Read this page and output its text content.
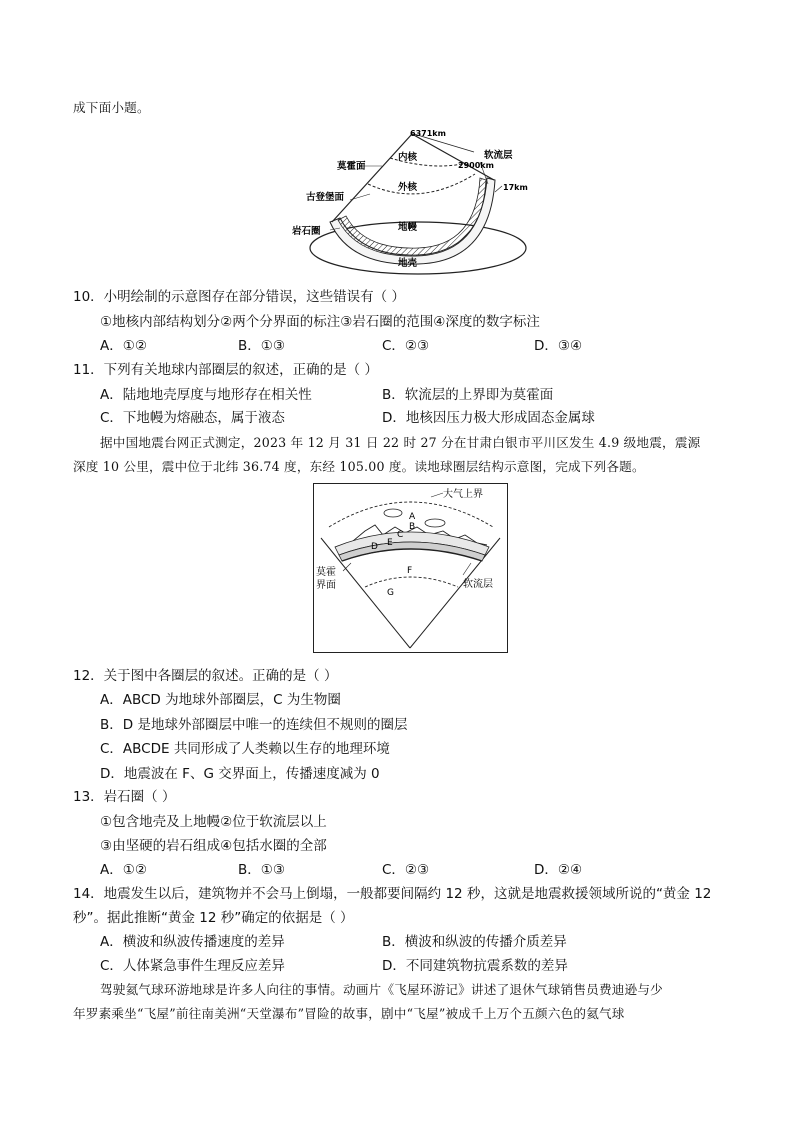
成下面小题。
6371km
2900km
17km
莫霍面
古登堡面
岩石圈
内核
外核
地幔
地壳
软流层
10．小明绘制的示意图存在部分错误，这些错误有（ ）
①地核内部结构划分②两个分界面的标注③岩石圈的范围④深度的数字标注
A．①②	B．①③	C．②③	D．③④
11．下列有关地球内部圈层的叙述，正确的是（ ）
A．陆地地壳厚度与地形存在相关性	B．软流层的上界即为莫霍面
C．下地幔为熔融态，属于液态	D．地核因压力极大形成固态金属球
据中国地震台网正式测定，2023 年 12 月 31 日 22 时 27 分在甘肃白银市平川区发生 4.9 级地震，震源
深度 10 公里，震中位于北纬 36.74 度，东经 105.00 度。读地球圈层结构示意图，完成下列各题。
大气上界
A
B
C
D E
F
G
莫霍
界面	软流层
12．关于图中各圈层的叙述。正确的是（ ）
A．ABCD 为地球外部圈层，C 为生物圈
B．D 是地球外部圈层中唯一的连续但不规则的圈层
C．ABCDE 共同形成了人类赖以生存的地理环境
D．地震波在 F、G 交界面上，传播速度减为 0
13．岩石圈（ ）
①包含地壳及上地幔②位于软流层以上
③由坚硬的岩石组成④包括水圈的全部
A．①②	B．①③	C．②③	D．②④
14．地震发生以后，建筑物并不会马上倒塌，一般都要间隔约 12 秒，这就是地震救援领域所说的“黄金 12
秒”。据此推断“黄金 12 秒”确定的依据是（ ）
A．横波和纵波传播速度的差异	B．横波和纵波的传播介质差异
C．人体紧急事件生理反应差异	D．不同建筑物抗震系数的差异
驾驶氦气球环游地球是许多人向往的事情。动画片《飞屋环游记》讲述了退休气球销售员费迪逊与少
年罗素乘坐“飞屋”前往南美洲“天堂瀑布”冒险的故事，剧中“飞屋”被成千上万个五颜六色的氦气球
